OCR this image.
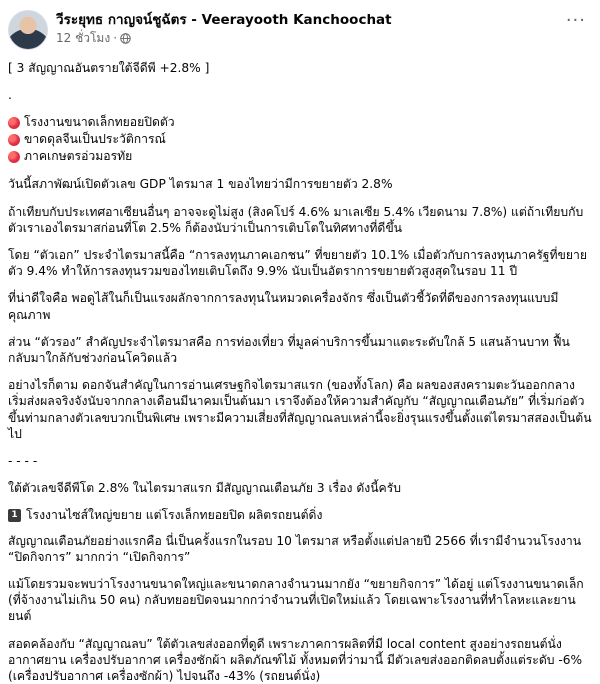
วีระยุทธ กาญจน์ชูฉัตร - Veerayooth Kanchoochat
12 ชั่วโมง ·
···

[ 3 สัญญาณอันตรายใต้จีดีพี +2.8% ]

.

โรงงานขนาดเล็กทยอยปิดตัว
ขาดดุลจีนเป็นประวัติการณ์
ภาคเกษตรอ่วมอรทัย

วันนี้สภาพัฒน์เปิดตัวเลข GDP ไตรมาส 1 ของไทยว่ามีการขยายตัว 2.8%

ถ้าเทียบกับประเทศอาเซียนอื่นๆ อาจจะดูไม่สูง (สิงคโปร์ 4.6% มาเลเซีย 5.4% เวียดนาม 7.8%) แต่ถ้าเทียบกับตัวเราเองไตรมาสก่อนที่โต 2.5% ก็ต้องนับว่าเป็นการเติบโตในทิศทางที่ดีขึ้น

โดย “ตัวเอก” ประจำไตรมาสนี้คือ “การลงทุนภาคเอกชน” ที่ขยายตัว 10.1% เมื่อตัวกับการลงทุนภาครัฐที่ขยายตัว 9.4% ทำให้การลงทุนรวมของไทยเติบโตถึง 9.9% นับเป็นอัตราการขยายตัวสูงสุดในรอบ 11 ปี

ที่น่าดีใจคือ พอดูไส้ในก็เป็นแรงผลักจากการลงทุนในหมวดเครื่องจักร ซึ่งเป็นตัวชี้วัดที่ดีของการลงทุนแบบมีคุณภาพ

ส่วน “ตัวรอง” สำคัญประจำไตรมาสคือ การท่องเที่ยว ที่มูลค่าบริการขึ้นมาแตะระดับใกล้ 5 แสนล้านบาท ฟื้นกลับมาใกล้กับช่วงก่อนโควิดแล้ว

อย่างไรก็ตาม ดอกจันสำคัญในการอ่านเศรษฐกิจไตรมาสแรก (ของทั้งโลก) คือ ผลของสงครามตะวันออกกลางเริ่มส่งผลจริงจังนับจากกลางเดือนมีนาคมเป็นต้นมา เราจึงต้องให้ความสำคัญกับ “สัญญาณเตือนภัย” ที่เริ่มก่อตัวขึ้นท่ามกลางตัวเลขบวกเป็นพิเศษ เพราะมีความเสี่ยงที่สัญญาณลบเหล่านี้จะยิ่งรุนแรงขึ้นตั้งแต่ไตรมาสสองเป็นต้นไป

- - - -

ใต้ตัวเลขจีดีพีโต 2.8% ในไตรมาสแรก มีสัญญาณเตือนภัย 3 เรื่อง ดังนี้ครับ

1 โรงงานไซส์ใหญ่ขยาย แต่โรงเล็กทยอยปิด ผลิตรถยนต์ดิ่ง

สัญญาณเตือนภัยอย่างแรกคือ นี่เป็นครั้งแรกในรอบ 10 ไตรมาส หรือตั้งแต่ปลายปี 2566 ที่เรามีจำนวนโรงงาน “ปิดกิจการ” มากกว่า “เปิดกิจการ”

แม้โดยรวมจะพบว่าโรงงานขนาดใหญ่และขนาดกลางจำนวนมากยัง “ขยายกิจการ” ได้อยู่ แต่โรงงานขนาดเล็ก (ที่จ้างงานไม่เกิน 50 คน) กลับทยอยปิดจนมากกว่าจำนวนที่เปิดใหม่แล้ว โดยเฉพาะโรงงานที่ทำโลหะและยานยนต์

สอดคล้องกับ “สัญญาณลบ” ใต้ตัวเลขส่งออกที่ดูดี เพราะภาคการผลิตที่มี local content สูงอย่างรถยนต์นั่ง อากาศยาน เครื่องปรับอากาศ เครื่องซักผ้า ผลิตภัณฑ์ไม้ ทั้งหมดที่ว่ามานี้ มีตัวเลขส่งออกติดลบตั้งแต่ระดับ -6% (เครื่องปรับอากาศ เครื่องซักผ้า) ไปจนถึง -43% (รถยนต์นั่ง)
